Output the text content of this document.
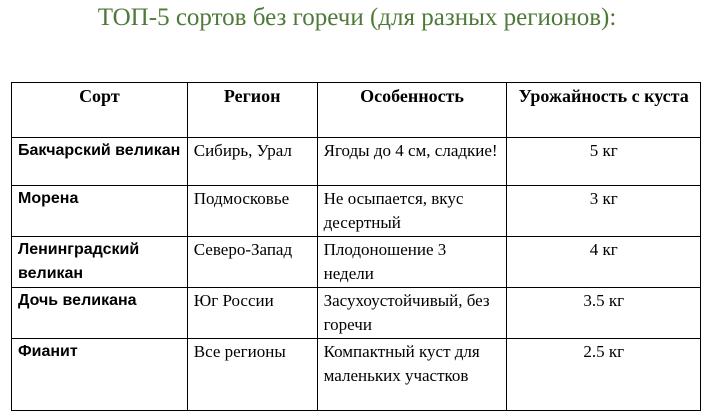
ТОП-5 сортов без горечи (для разных регионов):
Сорт	Регион	Особенность	Урожайность с куста
Бакчарский великан	Сибирь, Урал	Ягоды до 4 см, сладкие!	5 кг
Морена	Подмосковье	Не осыпается, вкус десертный	3 кг
Ленинградский великан	Северо-Запад	Плодоношение 3 недели	4 кг
Дочь великана	Юг России	Засухоустойчивый, без горечи	3.5 кг
Фианит	Все регионы	Компактный куст для маленьких участков	2.5 кг
